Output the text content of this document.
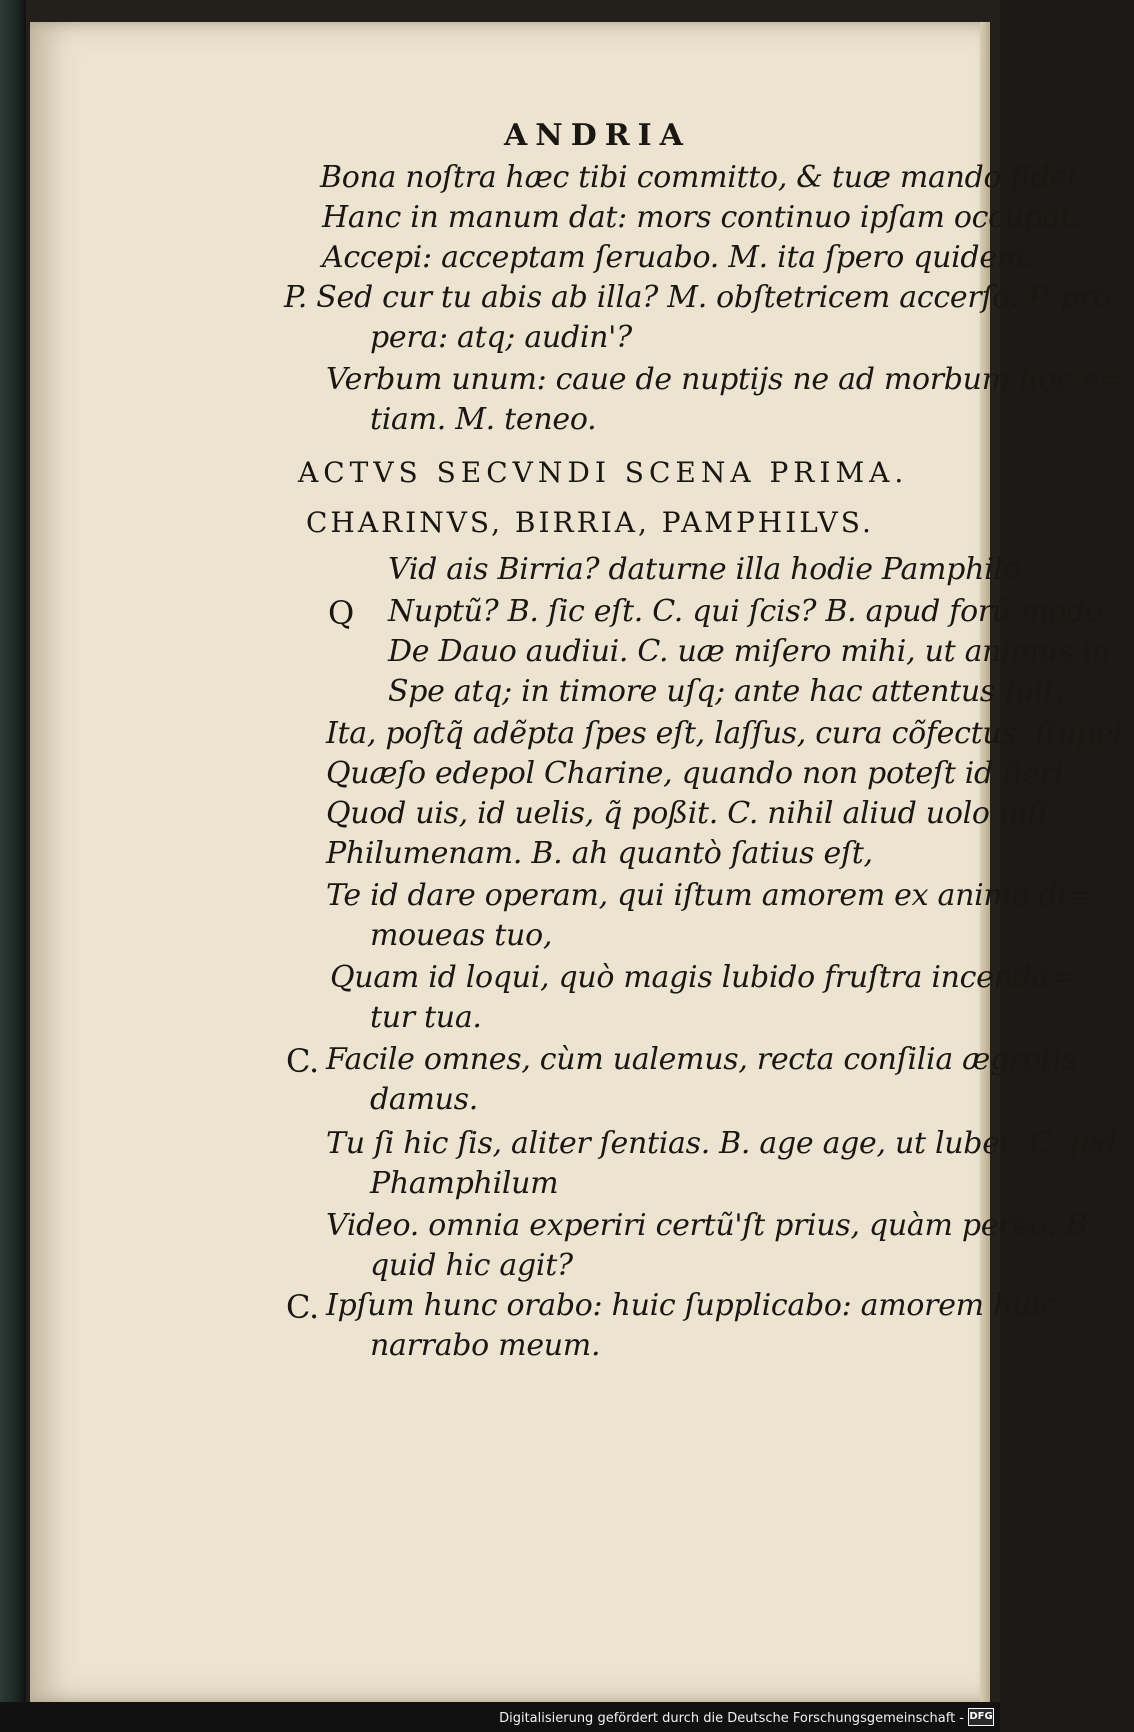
ANDRIA
Bona noſtra hæc tibi committo, & tuæ mando fidei.
Hanc in manum dat: mors continuo ipſam occupat.
Accepi: acceptam ſeruabo. M. ita ſpero quidem.
P. Sed cur tu abis ab illa? M. obſtetricem accerſo. P. pro
pera: atq; audin'?
Verbum unum: caue de nuptijs ne ad morbum hoc e=
tiam. M. teneo.
ACTVS SECVNDI SCENA PRIMA.
CHARINVS, BIRRIA, PAMPHILVS.
Vid ais Birria? daturne illa hodie Pamphilo
Q Nuptũ? B. ſic eſt. C. qui ſcis? B. apud forũ modò
De Dauo audiui. C. uæ miſero mihi, ut animus in
Spe atq; in timore uſq; ante hac attentus fuit,
Ita, poſtq̃ adẽpta ſpes eſt, laſſus, cura cõfectus, ſtupet.
Quæſo edepol Charine, quando non poteſt id fieri
Quod uis, id uelis, q̃ poßit. C. nihil aliud uolo niſi
Philumenam. B. ah quantò ſatius eſt,
Te id dare operam, qui iſtum amorem ex animo di=
moueas tuo,
Quam id loqui, quò magis lubido fruſtra incenda=
tur tua.
C. Facile omnes, cùm ualemus, recta conſilia ægrotis
damus.
Tu ſi hic ſis, aliter ſentias. B. age age, ut lubet. C. ſed
Phamphilum
Video. omnia experiri certũ'ſt prius, quàm pereo. B
quid hic agit?
C. Ipſum hunc orabo: huic ſupplicabo: amorem huic
narrabo meum.
Digitalisierung gefördert durch die Deutsche Forschungsgemeinschaft - DFG
